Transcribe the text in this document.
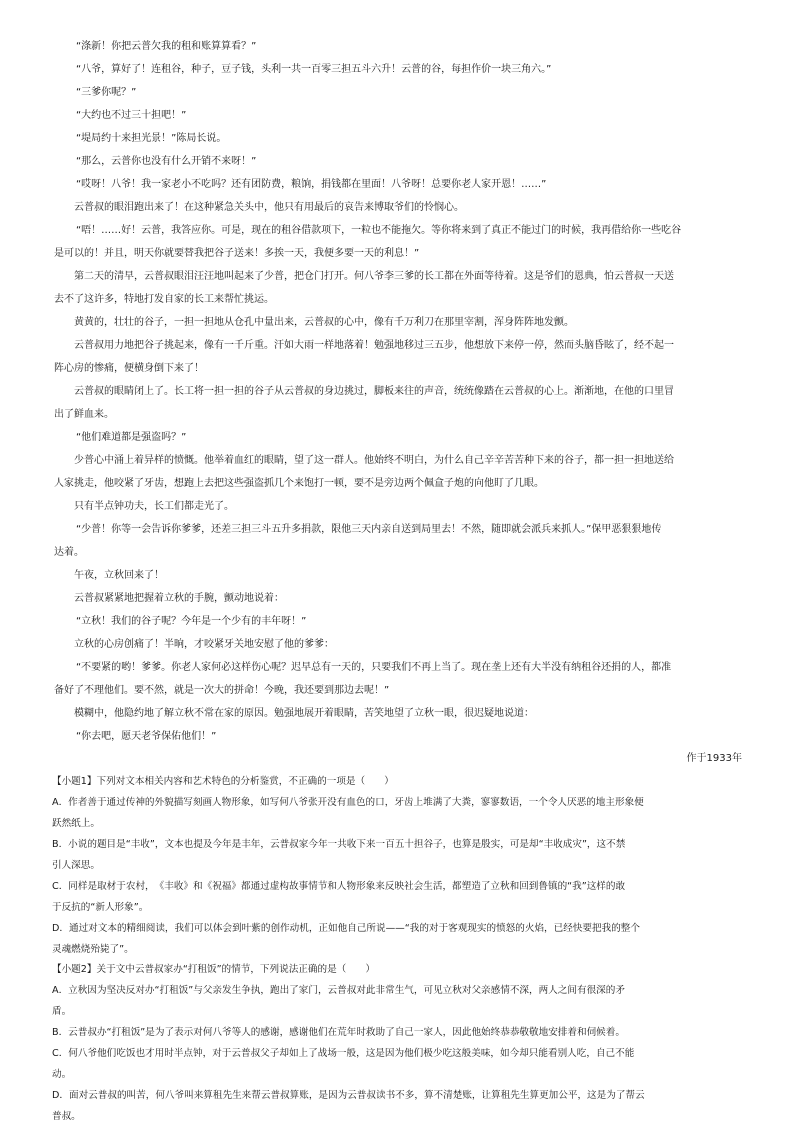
“涤新！你把云普欠我的租和账算算看？”
“八爷，算好了！连租谷，种子，豆子钱，头利一共一百零三担五斗六升！云普的谷，每担作价一块三角六。”
“三爹你呢？”
“大约也不过三十担吧！”
“堤局约十来担光景！”陈局长说。
“那么，云普你也没有什么开销不来呀！”
“哎呀！八爷！我一家老小不吃吗？还有团防费，粮饷，捐钱都在里面！八爷呀！总要你老人家开恩！……”
云普叔的眼泪跑出来了！在这种紧急关头中，他只有用最后的哀告来博取爷们的怜悯心。
“唔！……好！云普，我答应你。可是，现在的租谷借款项下，一粒也不能拖欠。等你将来到了真正不能过门的时候，我再借给你一些吃谷
是可以的！并且，明天你就要替我把谷子送来！多挨一天，我便多要一天的利息！”
第二天的清早，云普叔眼泪汪汪地叫起来了少普，把仓门打开。何八爷李三爹的长工都在外面等待着。这是爷们的恩典，怕云普叔一天送
去不了这许多，特地打发自家的长工来帮忙挑运。
黄黄的，壮壮的谷子，一担一担地从仓孔中量出来，云普叔的心中，像有千万利刀在那里宰割，浑身阵阵地发颤。
云普叔用力地把谷子挑起来，像有一千斤重。汗如大雨一样地落着！勉强地移过三五步，他想放下来停一停，然而头脑昏眩了，经不起一
阵心房的惨痛，便横身倒下来了！
云普叔的眼睛闭上了。长工将一担一担的谷子从云普叔的身边挑过，脚板来往的声音，统统像踏在云普叔的心上。渐渐地，在他的口里冒
出了鲜血来。
“他们难道都是强盗吗？”
少普心中涌上着异样的愤慨。他举着血红的眼睛，望了这一群人。他始终不明白，为什么自己辛辛苦苦种下来的谷子，都一担一担地送给
人家挑走，他咬紧了牙齿，想跑上去把这些强盗抓几个来饱打一顿，要不是旁边两个佩盒子炮的向他盯了几眼。
只有半点钟功夫，长工们都走光了。
“少普！你等一会告诉你爹爹，还差三担三斗五升多捐款，限他三天内亲自送到局里去！不然，随即就会派兵来抓人。”保甲恶狠狠地传
达着。
午夜，立秋回来了！
云普叔紧紧地把握着立秋的手腕，颤动地说着：
“立秋！我们的谷子呢？今年是一个少有的丰年呀！”
立秋的心房创痛了！半晌，才咬紧牙关地安慰了他的爹爹：
“不要紧的哟！爹爹。你老人家何必这样伤心呢？迟早总有一天的，只要我们不再上当了。现在垄上还有大半没有纳租谷还捐的人，都准
备好了不理他们。要不然，就是一次大的拼命！今晚，我还要到那边去呢！”
模糊中，他隐约地了解立秋不常在家的原因。勉强地展开着眼睛，苦笑地望了立秋一眼，很迟疑地说道：
“你去吧，愿天老爷保佑他们！”
作于1933年
【小题1】下列对文本相关内容和艺术特色的分析鉴赏，不正确的一项是（　　）
A．作者善于通过传神的外貌描写刻画人物形象，如写何八爷张开没有血色的口，牙齿上堆满了大粪，寥寥数语，一个令人厌恶的地主形象便
跃然纸上。
B．小说的题目是“丰收”，文本也提及今年是丰年，云普叔家今年一共收下来一百五十担谷子，也算是殷实，可是却“丰收成灾”，这不禁
引人深思。
C．同样是取材于农村，　《丰收》和《祝福》都通过虚构故事情节和人物形象来反映社会生活，都塑造了立秋和回到鲁镇的“我”这样的敢
于反抗的“新人形象”。
D．通过对文本的精细阅读，我们可以体会到叶紫的创作动机，正如他自己所说——“我的对于客观现实的愤怒的火焰，已经快要把我的整个
灵魂燃烧殆毙了”。
【小题2】关于文中云普叔家办“打租饭”的情节，下列说法正确的是（　　）
A．立秋因为坚决反对办“打租饭”与父亲发生争执，跑出了家门，云普叔对此非常生气，可见立秋对父亲感情不深，两人之间有很深的矛
盾。
B．云普叔办“打租饭”是为了表示对何八爷等人的感谢，感谢他们在荒年时救助了自己一家人，因此他始终恭恭敬敬地安排着和伺候着。
C．何八爷他们吃饭也才用时半点钟，对于云普叔父子却如上了战场一般，这是因为他们极少吃这般美味，如今却只能看别人吃，自己不能
动。
D．面对云普叔的叫苦，何八爷叫来算租先生来帮云普叔算账，是因为云普叔读书不多，算不清楚账，让算租先生算更加公平，这是为了帮云
普叔。
